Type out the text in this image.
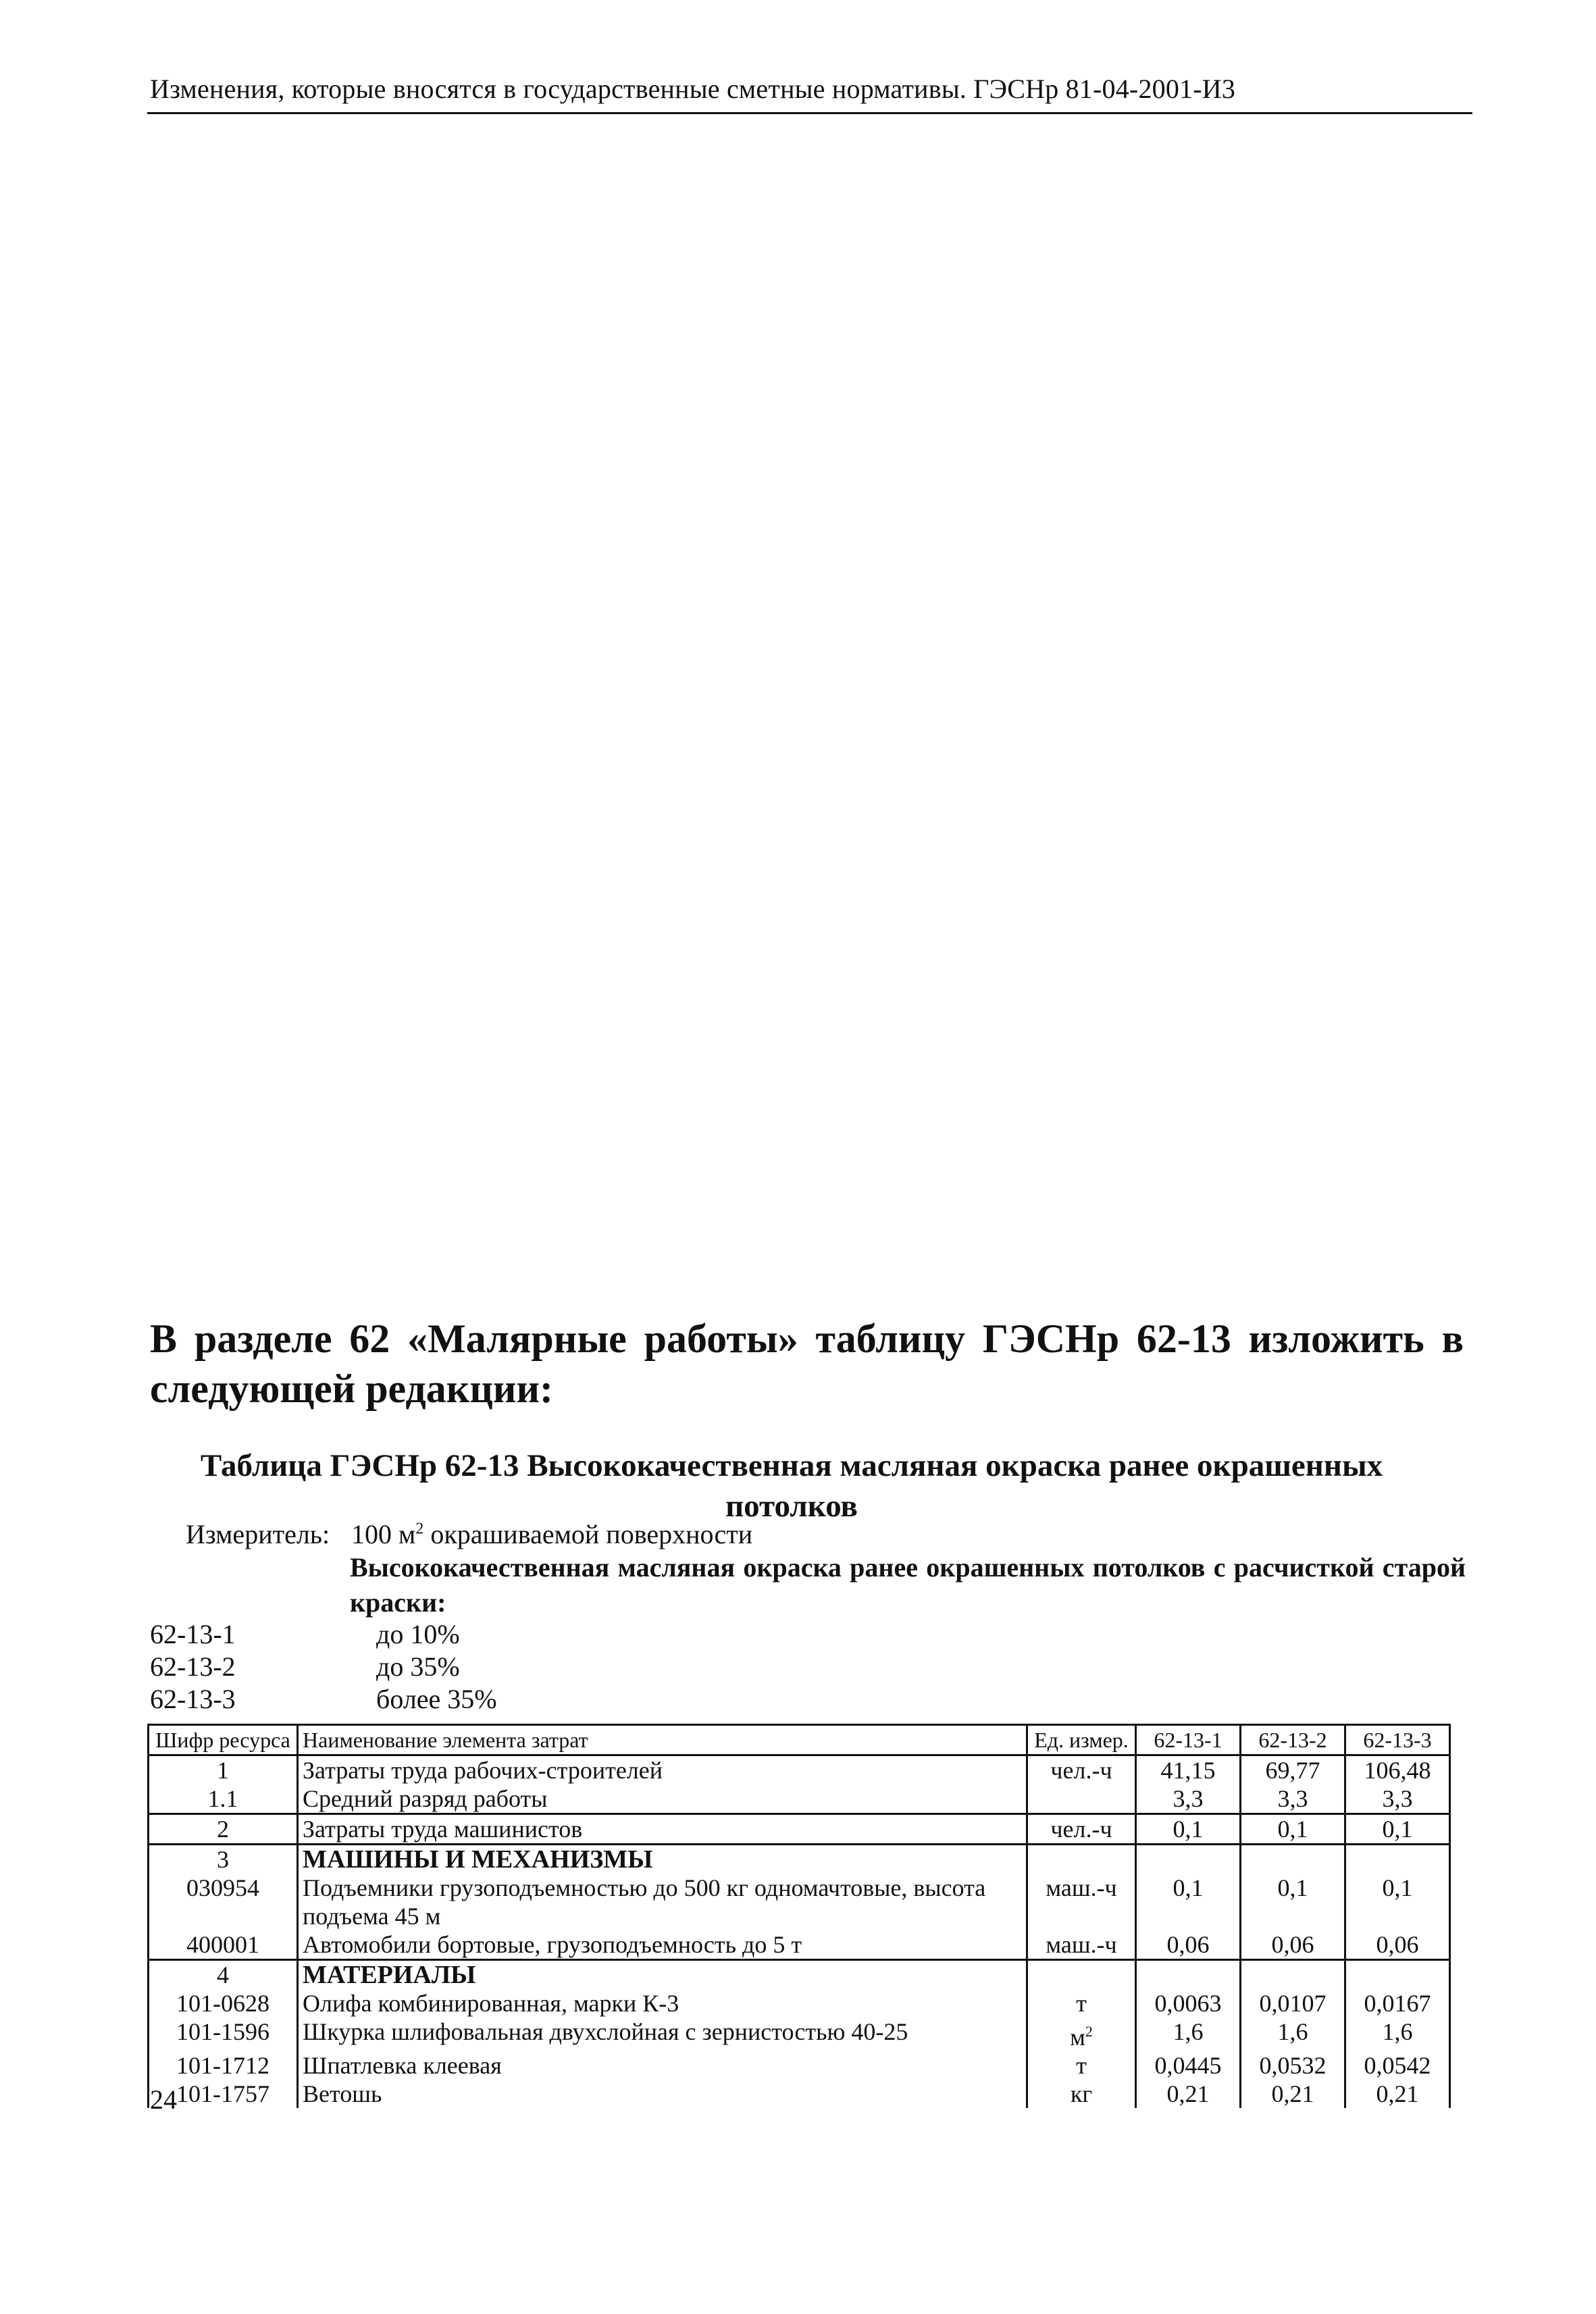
Изменения, которые вносятся в государственные сметные нормативы. ГЭСНр 81-04-2001-И3
В разделе 62 «Малярные работы» таблицу ГЭСНр 62-13 изложить в следующей редакции:
Таблица ГЭСНр 62-13 Высококачественная масляная окраска ранее окрашенных потолков
Измеритель: 100 $м^2$ окрашиваемой поверхности
Высококачественная масляная окраска ранее окрашенных потолков с расчисткой старой краски:
62-13-1	до 10%
62-13-2	до 35%
62-13-3	более 35%
Шифр ресурса	Наименование элемента затрат	Ед. измер.	62-13-1	62-13-2	62-13-3
1	Затраты труда рабочих-строителей	чел.-ч	41,15	69,77	106,48
1.1	Средний разряд работы		3,3	3,3	3,3
2	Затраты труда машинистов	чел.-ч	0,1	0,1	0,1
3	МАШИНЫ И МЕХАНИЗМЫ				
030954	Подъемники грузоподъемностью до 500 кг одномачтовые, высота подъема 45 м	маш.-ч	0,1	0,1	0,1
400001	Автомобили бортовые, грузоподъемность до 5 т	маш.-ч	0,06	0,06	0,06
4	МАТЕРИАЛЫ				
101-0628	Олифа комбинированная, марки К-3	т	0,0063	0,0107	0,0167
101-1596	Шкурка шлифовальная двухслойная с зернистостью 40-25	$м^2$	1,6	1,6	1,6
101-1712	Шпатлевка клеевая	т	0,0445	0,0532	0,0542
101-1757	Ветошь	кг	0,21	0,21	0,21
24
